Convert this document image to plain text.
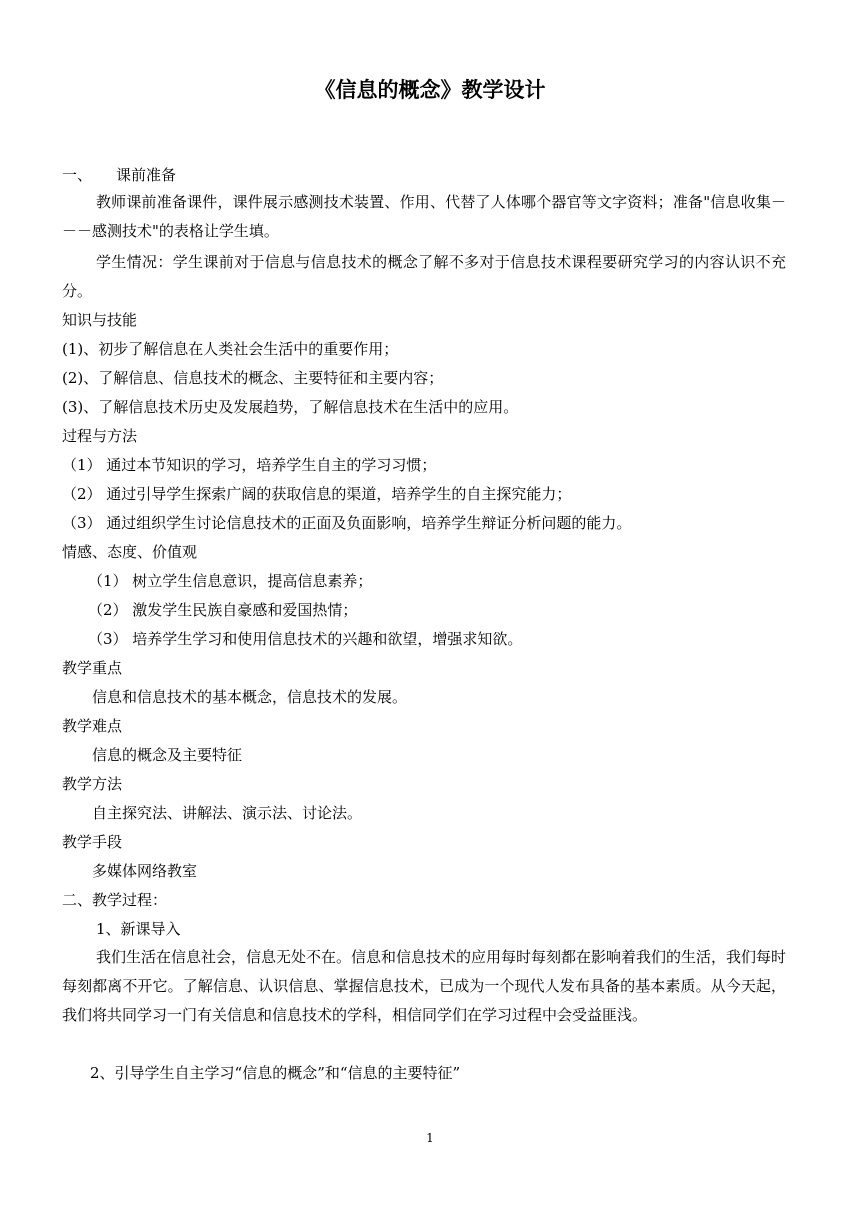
《信息的概念》教学设计
一、 课前准备
教师课前准备课件，课件展示感测技术装置、作用、代替了人体哪个器官等文字资料；准备"信息收集－－－感测技术"的表格让学生填。
学生情况：学生课前对于信息与信息技术的概念了解不多对于信息技术课程要研究学习的内容认识不充分。
知识与技能
(1)、初步了解信息在人类社会生活中的重要作用；
(2)、了解信息、信息技术的概念、主要特征和主要内容；
(3)、了解信息技术历史及发展趋势，了解信息技术在生活中的应用。
过程与方法
（1） 通过本节知识的学习，培养学生自主的学习习惯；
（2） 通过引导学生探索广阔的获取信息的渠道，培养学生的自主探究能力；
（3） 通过组织学生讨论信息技术的正面及负面影响，培养学生辩证分析问题的能力。
情感、态度、价值观
（1） 树立学生信息意识，提高信息素养；
（2） 激发学生民族自豪感和爱国热情；
（3） 培养学生学习和使用信息技术的兴趣和欲望，增强求知欲。
教学重点
信息和信息技术的基本概念，信息技术的发展。
教学难点
信息的概念及主要特征
教学方法
自主探究法、讲解法、演示法、讨论法。
教学手段
多媒体网络教室
二、教学过程：
1、新课导入
我们生活在信息社会，信息无处不在。信息和信息技术的应用每时每刻都在影响着我们的生活，我们每时每刻都离不开它。了解信息、认识信息、掌握信息技术，已成为一个现代人发布具备的基本素质。从今天起，我们将共同学习一门有关信息和信息技术的学科，相信同学们在学习过程中会受益匪浅。
2、引导学生自主学习“信息的概念”和“信息的主要特征”
1
